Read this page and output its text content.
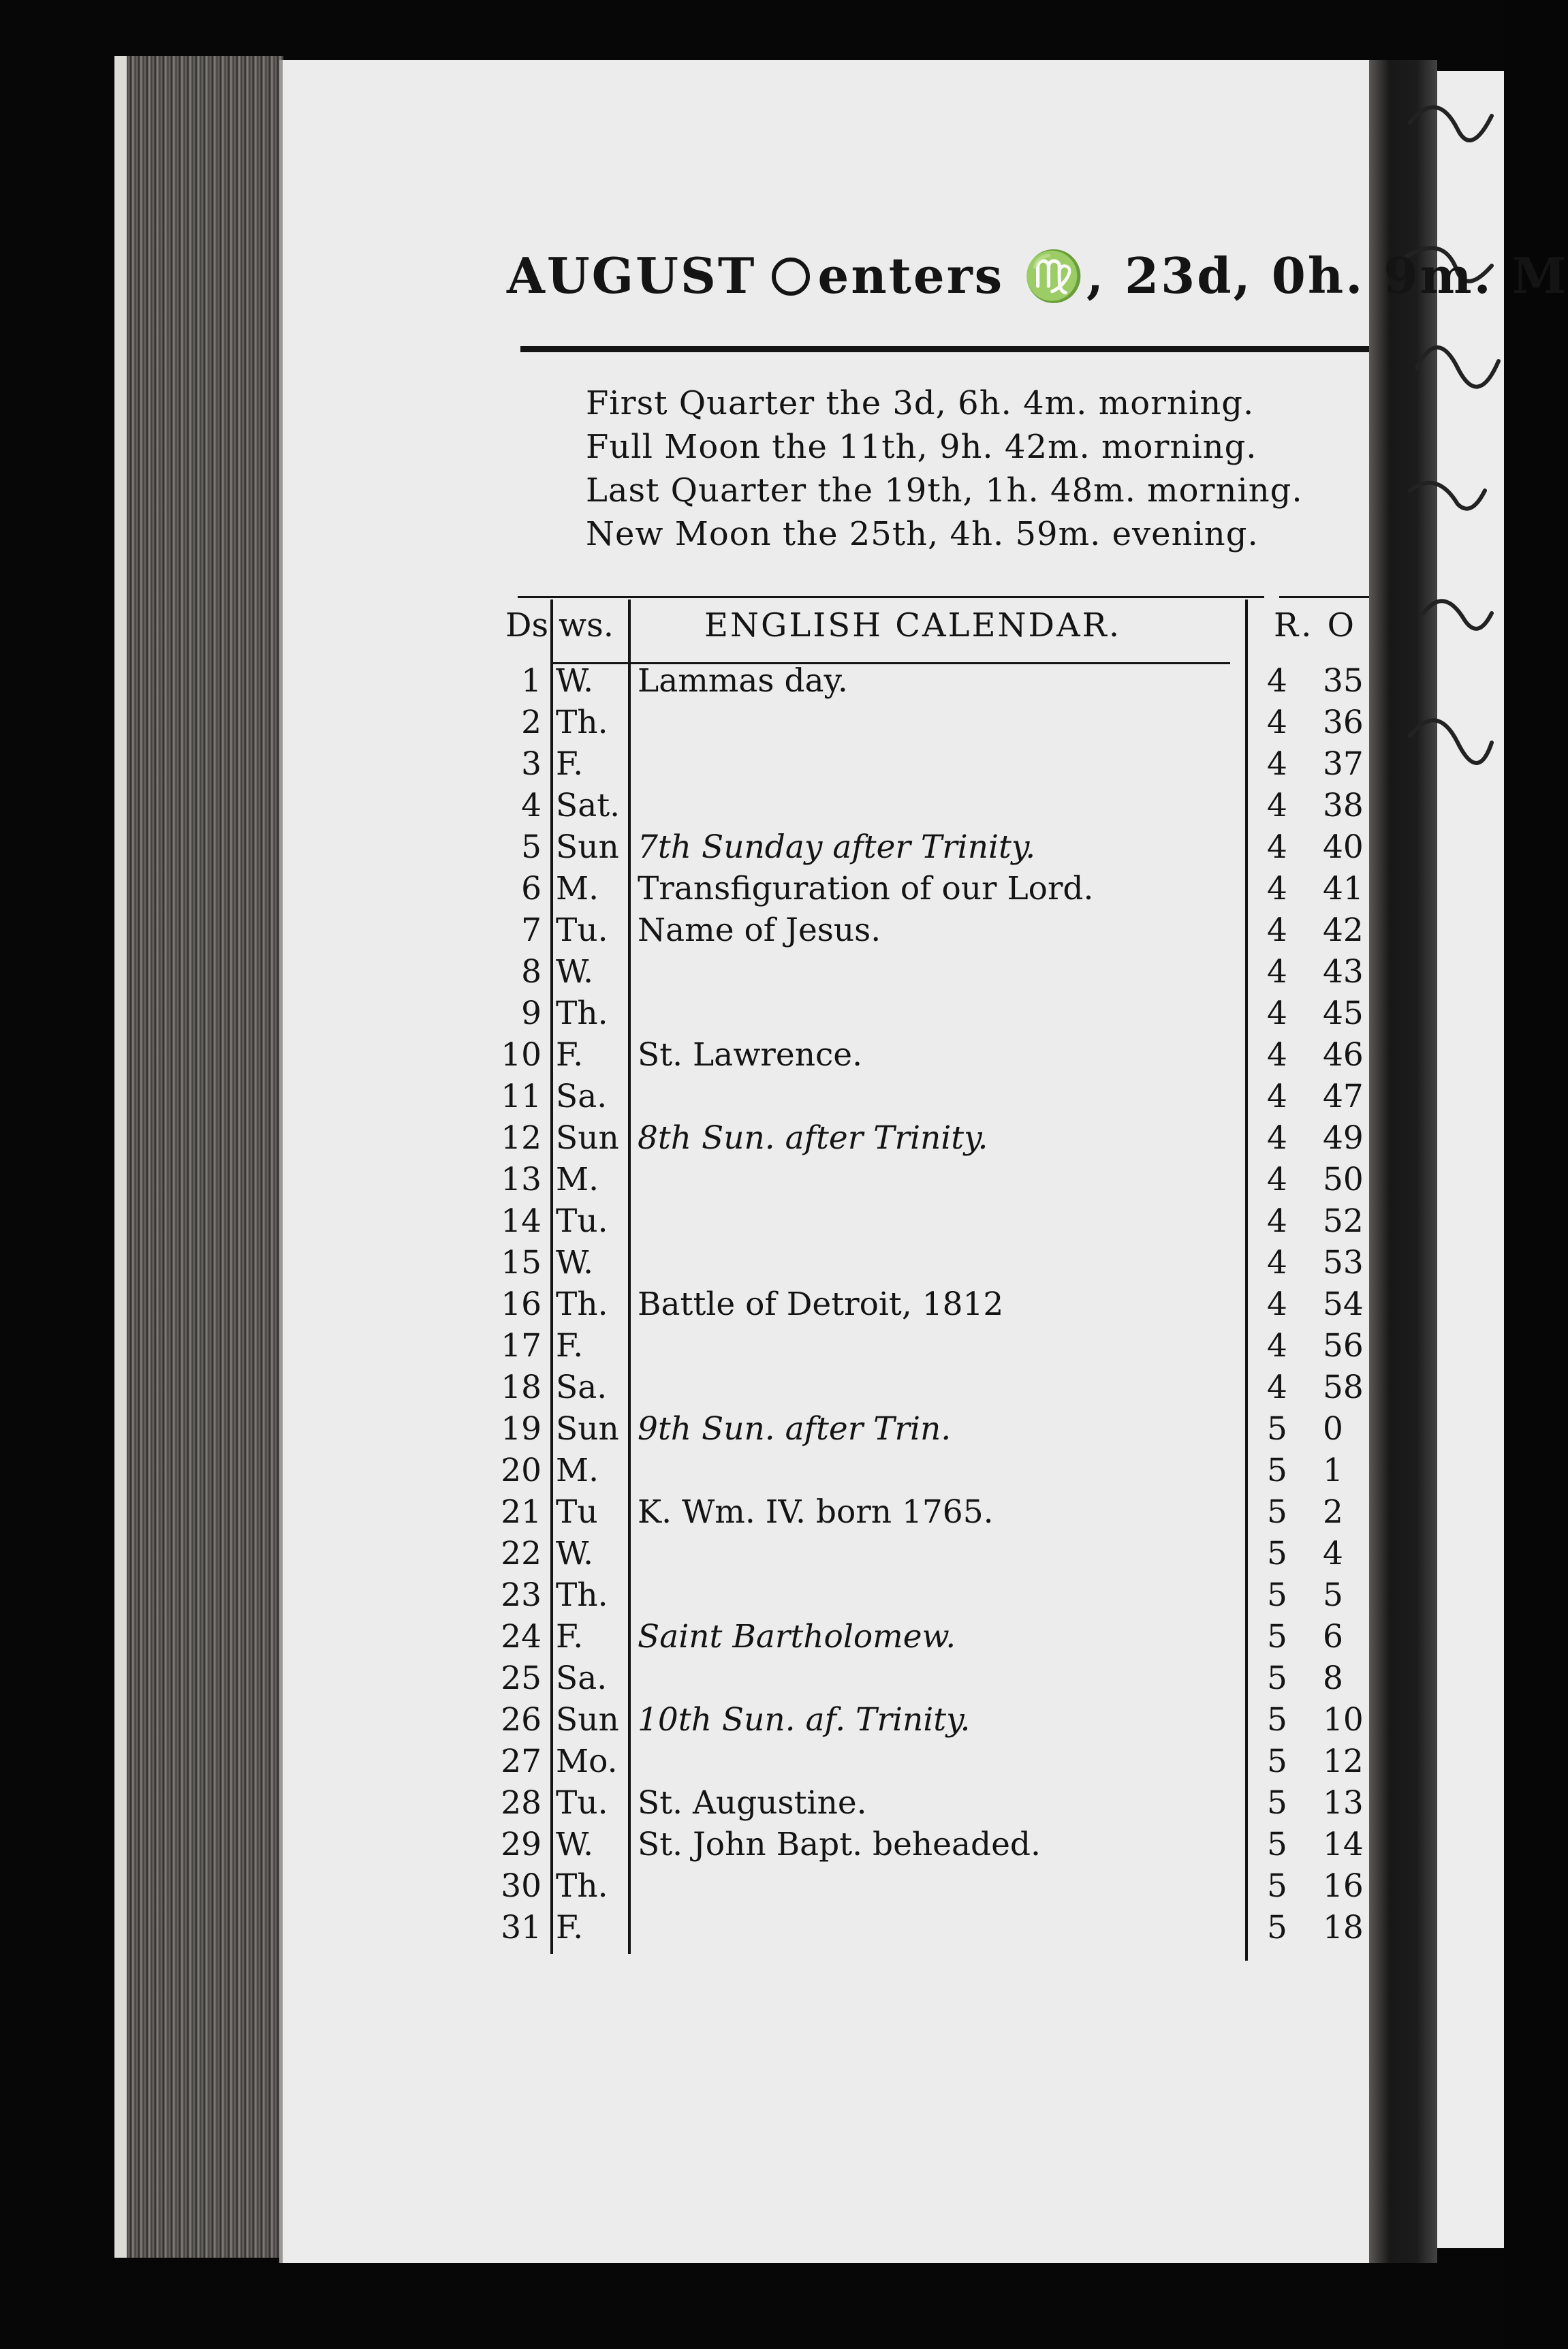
AUGUST enters ♍, 23d, 0h. 9m. M
First Quarter the 3d, 6h. 4m. morning.
Full Moon the 11th, 9h. 42m. morning.
Last Quarter the 19th, 1h. 48m. morning.
New Moon the 25th, 4h. 59m. evening.
Ds ws.	ENGLISH CALENDAR.	R. O
1 W. Lammas day.	4 35
2 Th.	4 36
3 F.	4 37
4 Sat.	4 38
5 Sun 7th Sunday after Trinity.	4 40
6 M. Transfiguration of our Lord.	4 41
7 Tu. Name of Jesus.	4 42
8 W.	4 43
9 Th.	4 45
10 F. St. Lawrence.	4 46
11 Sa.	4 47
12 Sun 8th Sun. after Trinity.	4 49
13 M.	4 50
14 Tu.	4 52
15 W.	4 53
16 Th. Battle of Detroit, 1812	4 54
17 F.	4 56
18 Sa.	4 58
19 Sun 9th Sun. after Trin.	5 0
20 M.	5 1
21 Tu K. Wm. IV. born 1765.	5 2
22 W.	5 4
23 Th.	5 5
24 F. Saint Bartholomew.	5 6
25 Sa.	5 8
26 Sun 10th Sun. af. Trinity.	5 10
27 Mo.	5 12
28 Tu. St. Augustine.	5 13
29 W. St. John Bapt. beheaded.	5 14
30 Th.	5 16
31 F.	5 18
